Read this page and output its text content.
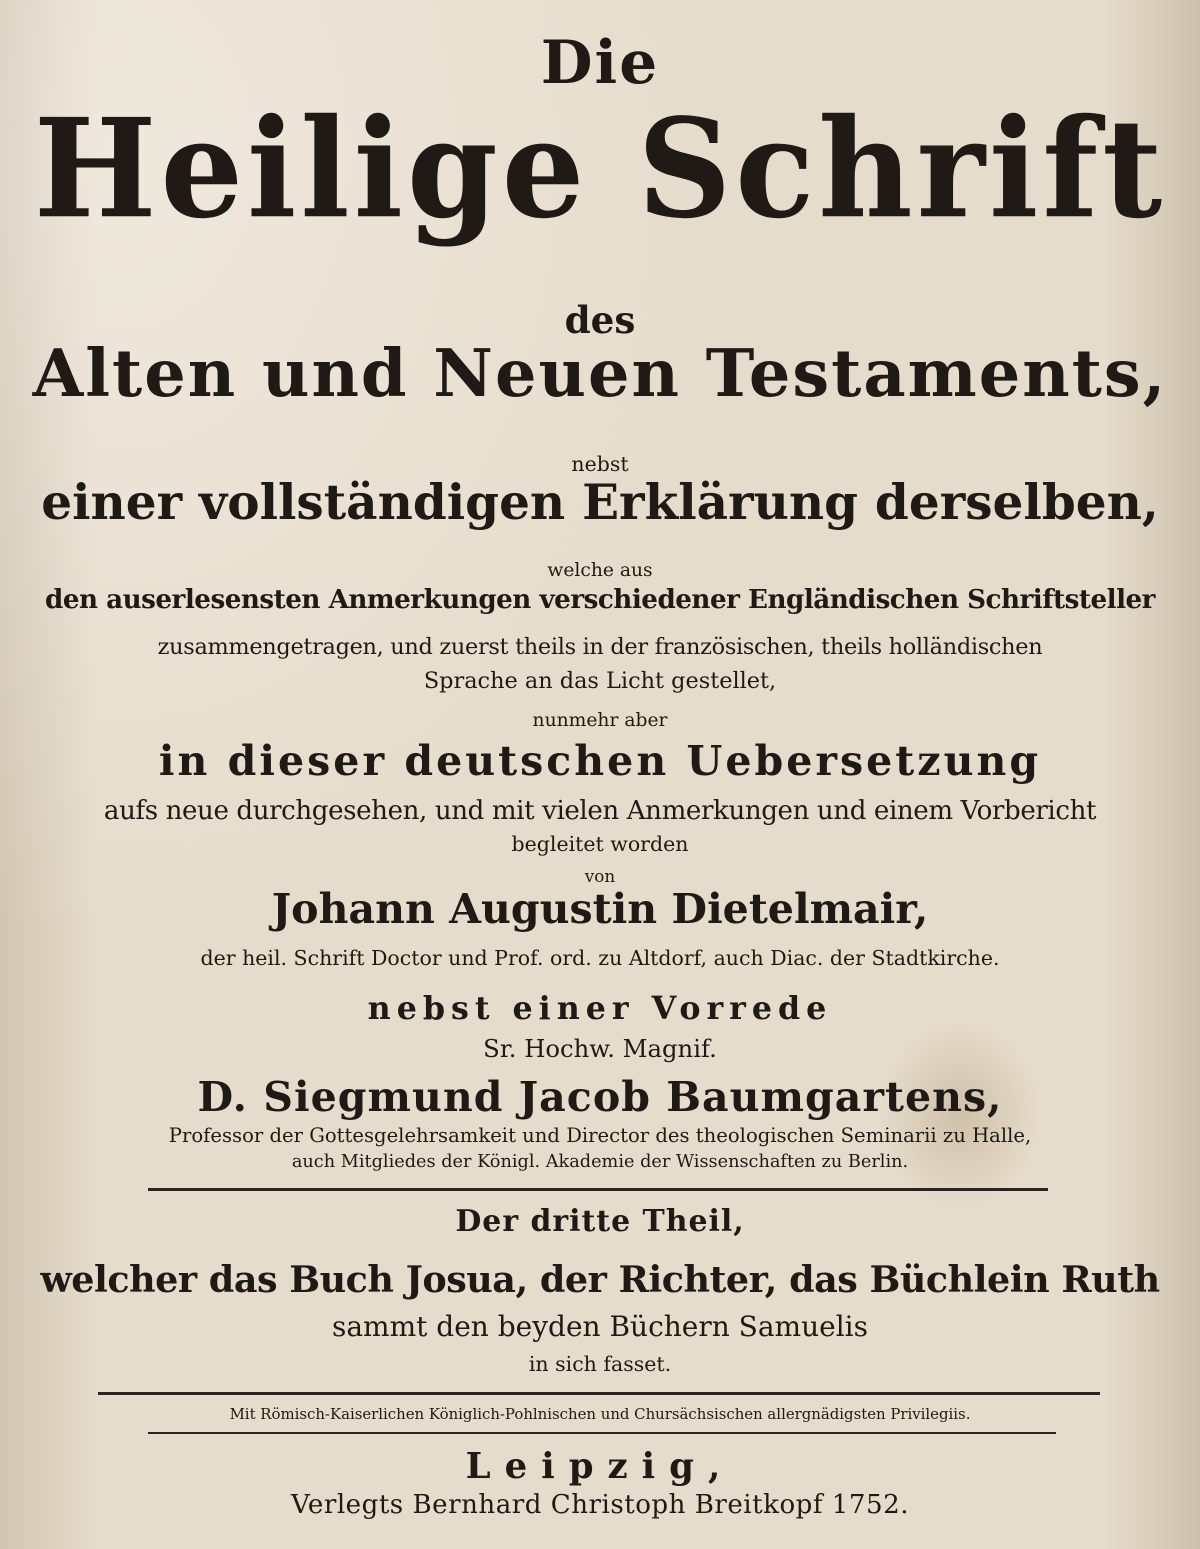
Die
Heilige Schrift
des
Alten und Neuen Testaments,
nebst
einer vollständigen Erklärung derselben,
welche aus
den auserlesensten Anmerkungen verschiedener Engländischen Schriftsteller
zusammengetragen, und zuerst theils in der französischen, theils holländischen
Sprache an das Licht gestellet,
nunmehr aber
in dieser deutschen Uebersetzung
aufs neue durchgesehen, und mit vielen Anmerkungen und einem Vorbericht
begleitet worden
von
Johann Augustin Dietelmair,
der heil. Schrift Doctor und Prof. ord. zu Altdorf, auch Diac. der Stadtkirche.
nebst einer Vorrede
Sr. Hochw. Magnif.
D. Siegmund Jacob Baumgartens,
Professor der Gottesgelehrsamkeit und Director des theologischen Seminarii zu Halle,
auch Mitgliedes der Königl. Akademie der Wissenschaften zu Berlin.
Der dritte Theil,
welcher das Buch Josua, der Richter, das Büchlein Ruth
sammt den beyden Büchern Samuelis
in sich fasset.
Mit Römisch-Kaiserlichen Königlich-Pohlnischen und Chursächsischen allergnädigsten Privilegiis.
Leipzig,
Verlegts Bernhard Christoph Breitkopf 1752.
